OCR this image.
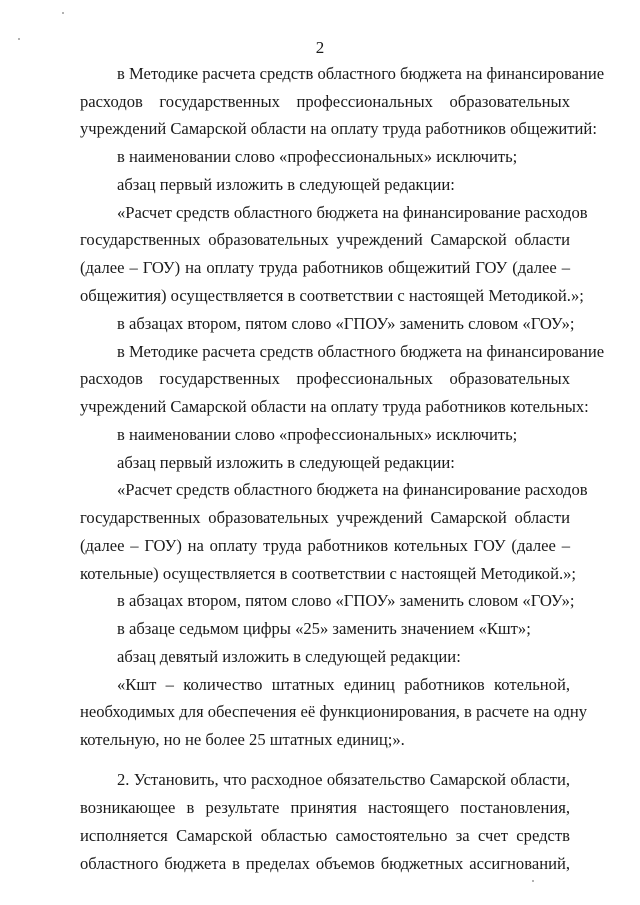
2
в Методике расчета средств областного бюджета на финансирование
расходов государственных профессиональных образовательных
учреждений Самарской области на оплату труда работников общежитий:
в наименовании слово «профессиональных» исключить;
абзац первый изложить в следующей редакции:
«Расчет средств областного бюджета на финансирование расходов
государственных образовательных учреждений Самарской области
(далее – ГОУ) на оплату труда работников общежитий ГОУ (далее –
общежития) осуществляется в соответствии с настоящей Методикой.»;
в абзацах втором, пятом слово «ГПОУ» заменить словом «ГОУ»;
в Методике расчета средств областного бюджета на финансирование
расходов государственных профессиональных образовательных
учреждений Самарской области на оплату труда работников котельных:
в наименовании слово «профессиональных» исключить;
абзац первый изложить в следующей редакции:
«Расчет средств областного бюджета на финансирование расходов
государственных образовательных учреждений Самарской области
(далее – ГОУ) на оплату труда работников котельных ГОУ (далее –
котельные) осуществляется в соответствии с настоящей Методикой.»;
в абзацах втором, пятом слово «ГПОУ» заменить словом «ГОУ»;
в абзаце седьмом цифры «25» заменить значением «Кшт»;
абзац девятый изложить в следующей редакции:
«Кшт – количество штатных единиц работников котельной,
необходимых для обеспечения её функционирования, в расчете на одну
котельную, но не более 25 штатных единиц;».
2. Установить, что расходное обязательство Самарской области,
возникающее в результате принятия настоящего постановления,
исполняется Самарской областью самостоятельно за счет средств
областного бюджета в пределах объемов бюджетных ассигнований,
